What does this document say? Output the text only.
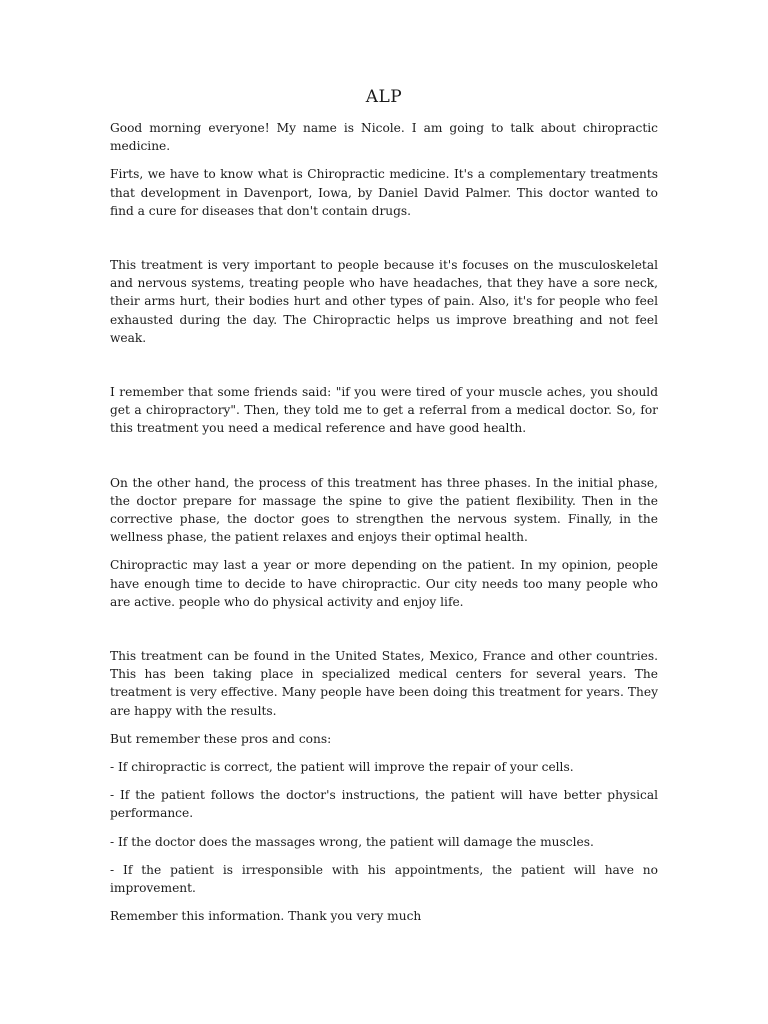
ALP

Good morning everyone! My name is Nicole. I am going to talk about chiropractic medicine.

Firts, we have to know what is Chiropractic medicine. It's a complementary treatments that development in Davenport, Iowa, by Daniel David Palmer. This doctor wanted to find a cure for diseases that don't contain drugs.

This treatment is very important to people because it's focuses on the musculoskeletal and nervous systems, treating people who have headaches, that they have a sore neck, their arms hurt, their bodies hurt and other types of pain. Also, it's for people who feel exhausted during the day. The Chiropractic helps us improve breathing and not feel weak.

I remember that some friends said: "if you were tired of your muscle aches, you should get a chiropractory". Then, they told me to get a referral from a medical doctor. So, for this treatment you need a medical reference and have good health.

On the other hand, the process of this treatment has three phases. In the initial phase, the doctor prepare for massage the spine to give the patient flexibility. Then in the corrective phase, the doctor goes to strengthen the nervous system. Finally, in the wellness phase, the patient relaxes and enjoys their optimal health.

Chiropractic may last a year or more depending on the patient. In my opinion, people have enough time to decide to have chiropractic. Our city needs too many people who are active. people who do physical activity and enjoy life.

This treatment can be found in the United States, Mexico, France and other countries. This has been taking place in specialized medical centers for several years. The treatment is very effective. Many people have been doing this treatment for years. They are happy with the results.

But remember these pros and cons:

- If chiropractic is correct, the patient will improve the repair of your cells.

- If the patient follows the doctor's instructions, the patient will have better physical performance.

- If the doctor does the massages wrong, the patient will damage the muscles.

- If the patient is irresponsible with his appointments, the patient will have no improvement.

Remember this information. Thank you very much
